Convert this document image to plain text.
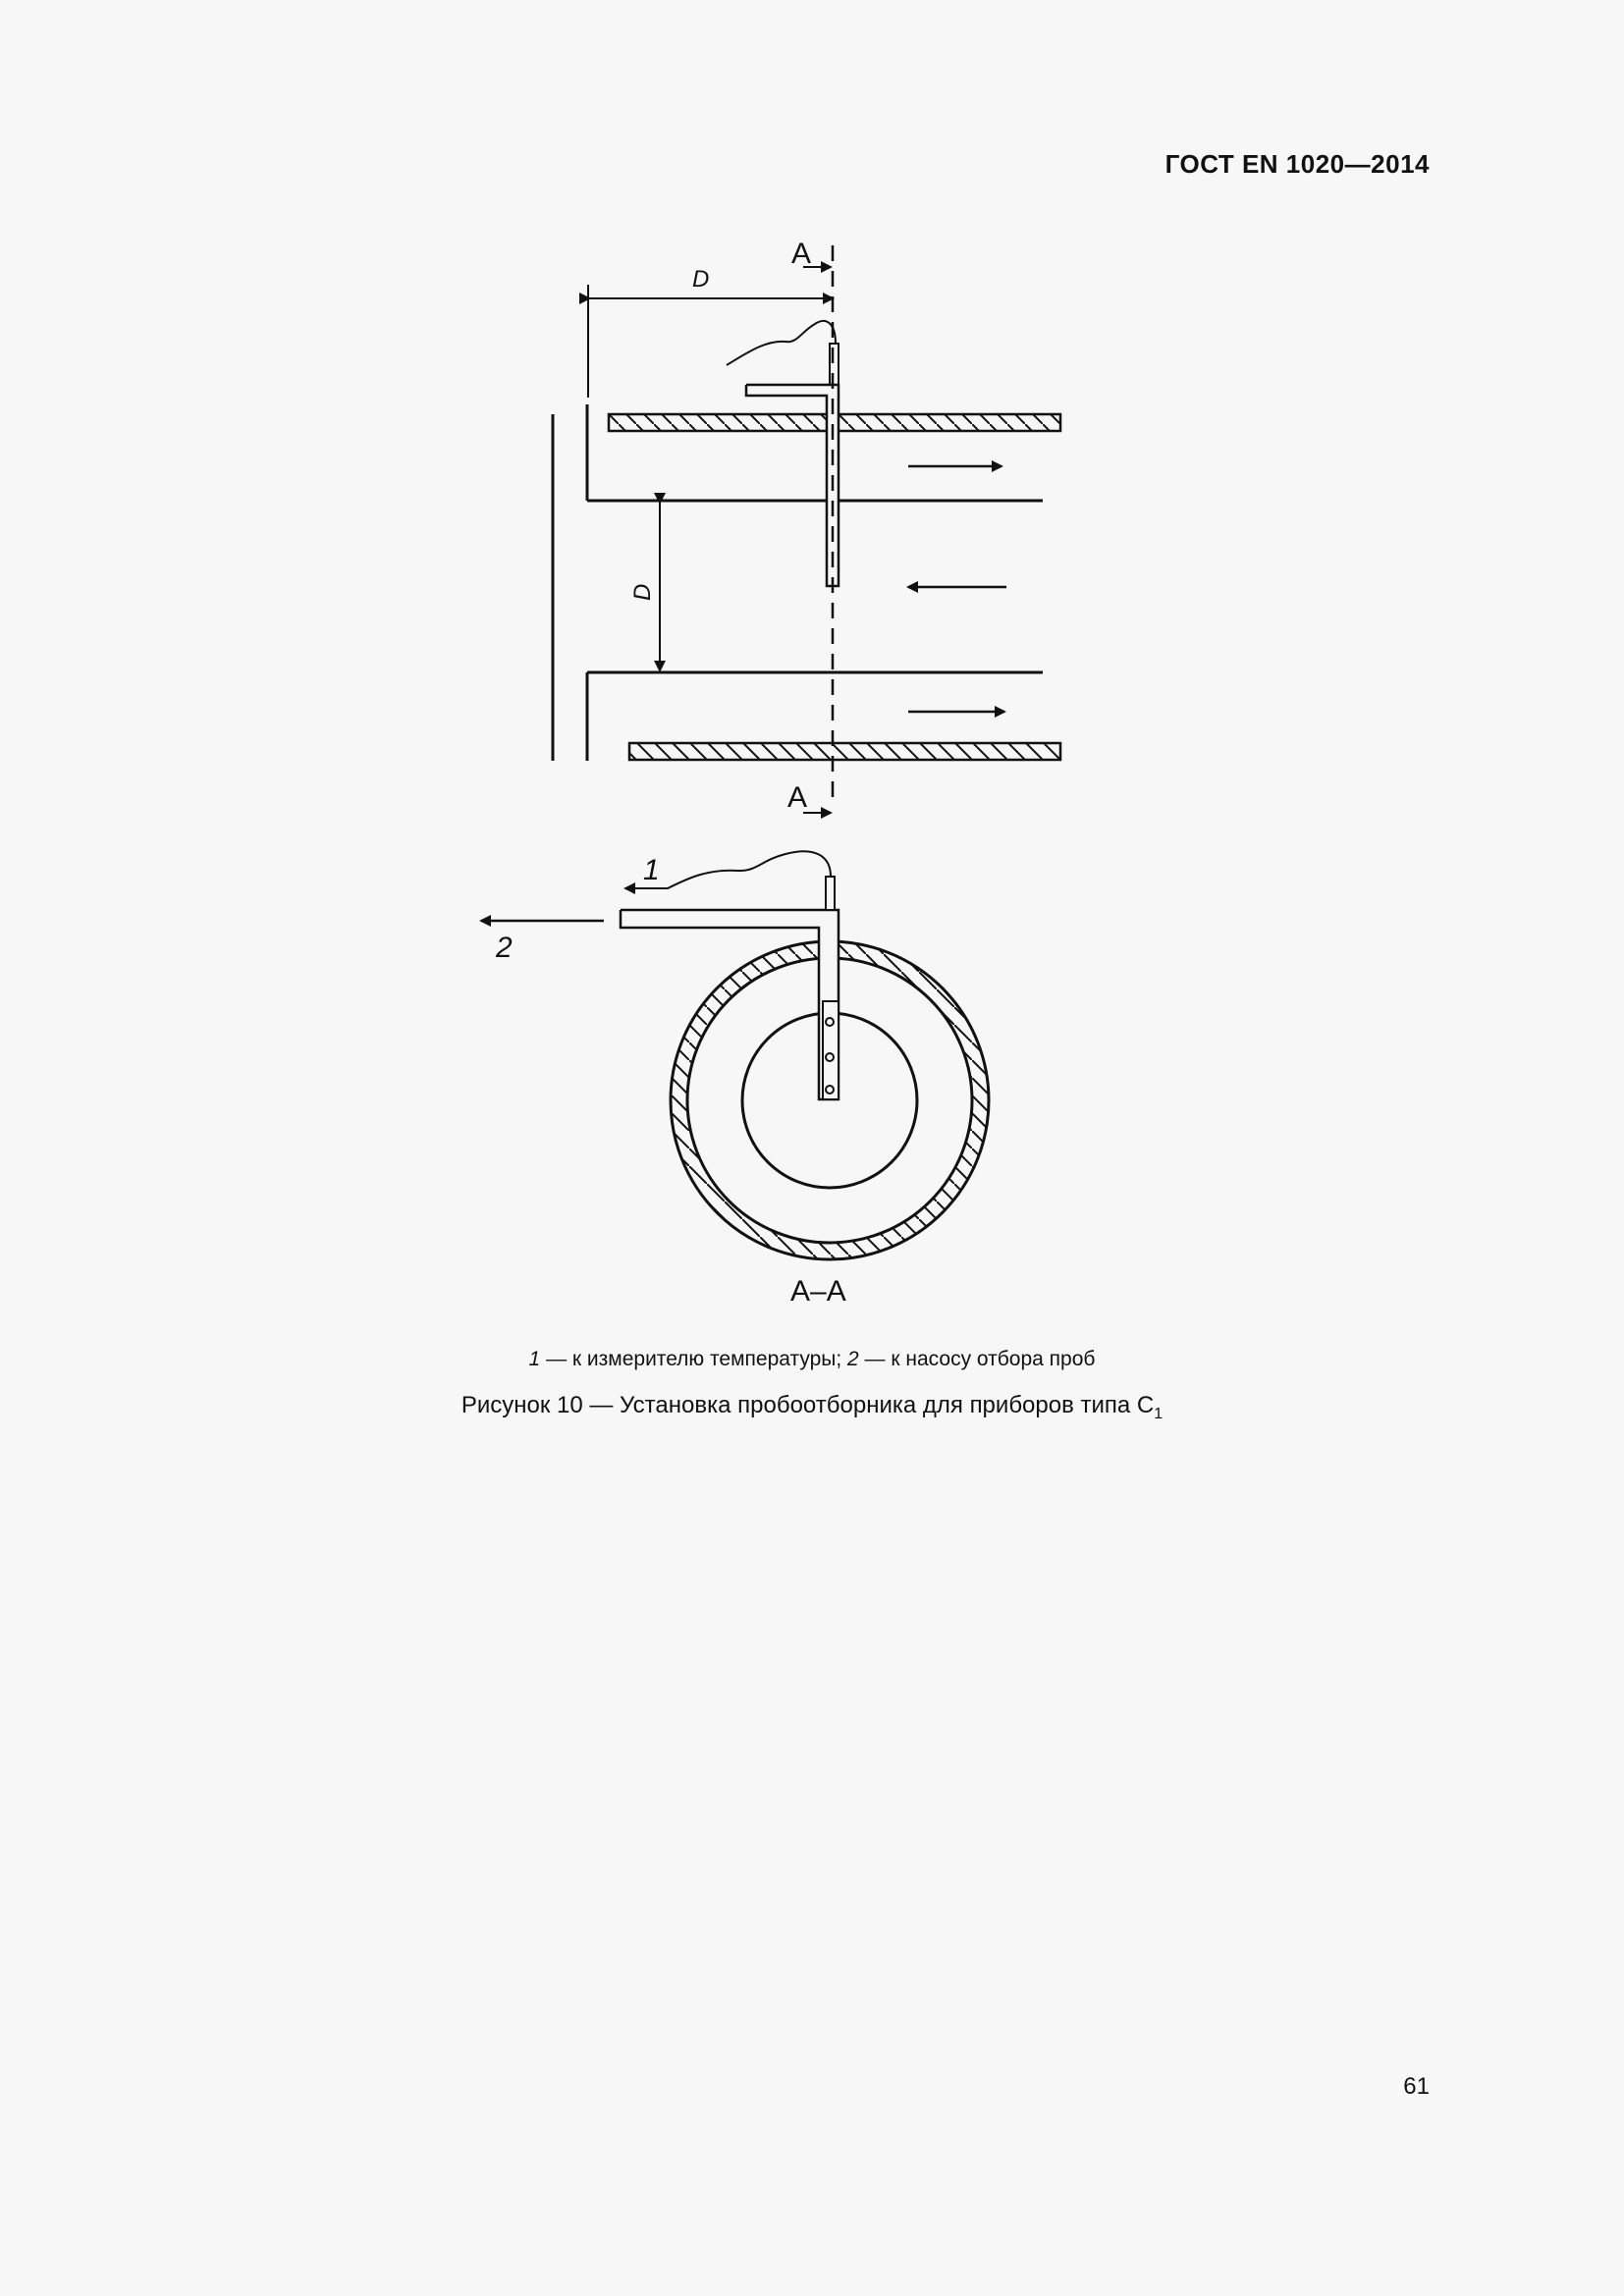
ГОСТ EN 1020—2014
A
A
D
D
1
2
A–A
1 — к измерителю температуры; 2 — к насосу отбора проб
Рисунок 10 — Установка пробоотборника для приборов типа $C_1$
61
